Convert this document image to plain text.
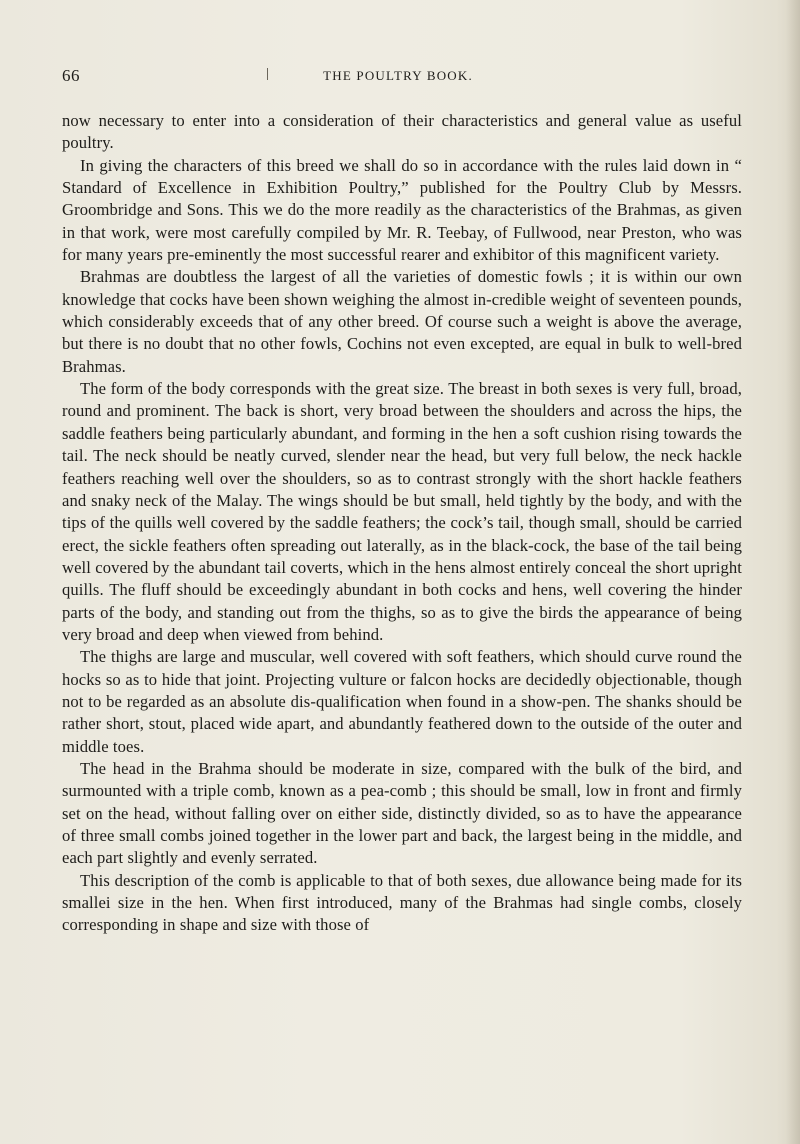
66	THE POULTRY BOOK.

now necessary to enter into a consideration of their characteristics and general value as useful poultry.

In giving the characters of this breed we shall do so in accordance with the rules laid down in “ Standard of Excellence in Exhibition Poultry,” published for the Poultry Club by Messrs. Groombridge and Sons. This we do the more readily as the characteristics of the Brahmas, as given in that work, were most carefully compiled by Mr. R. Teebay, of Fullwood, near Preston, who was for many years pre-eminently the most successful rearer and exhibitor of this magnificent variety.

Brahmas are doubtless the largest of all the varieties of domestic fowls ; it is within our own knowledge that cocks have been shown weighing the almost in-credible weight of seventeen pounds, which considerably exceeds that of any other breed. Of course such a weight is above the average, but there is no doubt that no other fowls, Cochins not even excepted, are equal in bulk to well-bred Brahmas.

The form of the body corresponds with the great size. The breast in both sexes is very full, broad, round and prominent. The back is short, very broad between the shoulders and across the hips, the saddle feathers being particularly abundant, and forming in the hen a soft cushion rising towards the tail. The neck should be neatly curved, slender near the head, but very full below, the neck hackle feathers reaching well over the shoulders, so as to contrast strongly with the short hackle feathers and snaky neck of the Malay. The wings should be but small, held tightly by the body, and with the tips of the quills well covered by the saddle feathers; the cock’s tail, though small, should be carried erect, the sickle feathers often spreading out laterally, as in the black-cock, the base of the tail being well covered by the abundant tail coverts, which in the hens almost entirely conceal the short upright quills. The fluff should be exceedingly abundant in both cocks and hens, well covering the hinder parts of the body, and standing out from the thighs, so as to give the birds the appearance of being very broad and deep when viewed from behind.

The thighs are large and muscular, well covered with soft feathers, which should curve round the hocks so as to hide that joint. Projecting vulture or falcon hocks are decidedly objectionable, though not to be regarded as an absolute dis-qualification when found in a show-pen. The shanks should be rather short, stout, placed wide apart, and abundantly feathered down to the outside of the outer and middle toes.

The head in the Brahma should be moderate in size, compared with the bulk of the bird, and surmounted with a triple comb, known as a pea-comb ; this should be small, low in front and firmly set on the head, without falling over on either side, distinctly divided, so as to have the appearance of three small combs joined together in the lower part and back, the largest being in the middle, and each part slightly and evenly serrated.

This description of the comb is applicable to that of both sexes, due allowance being made for its smallei size in the hen. When first introduced, many of the Brahmas had single combs, closely corresponding in shape and size with those of
